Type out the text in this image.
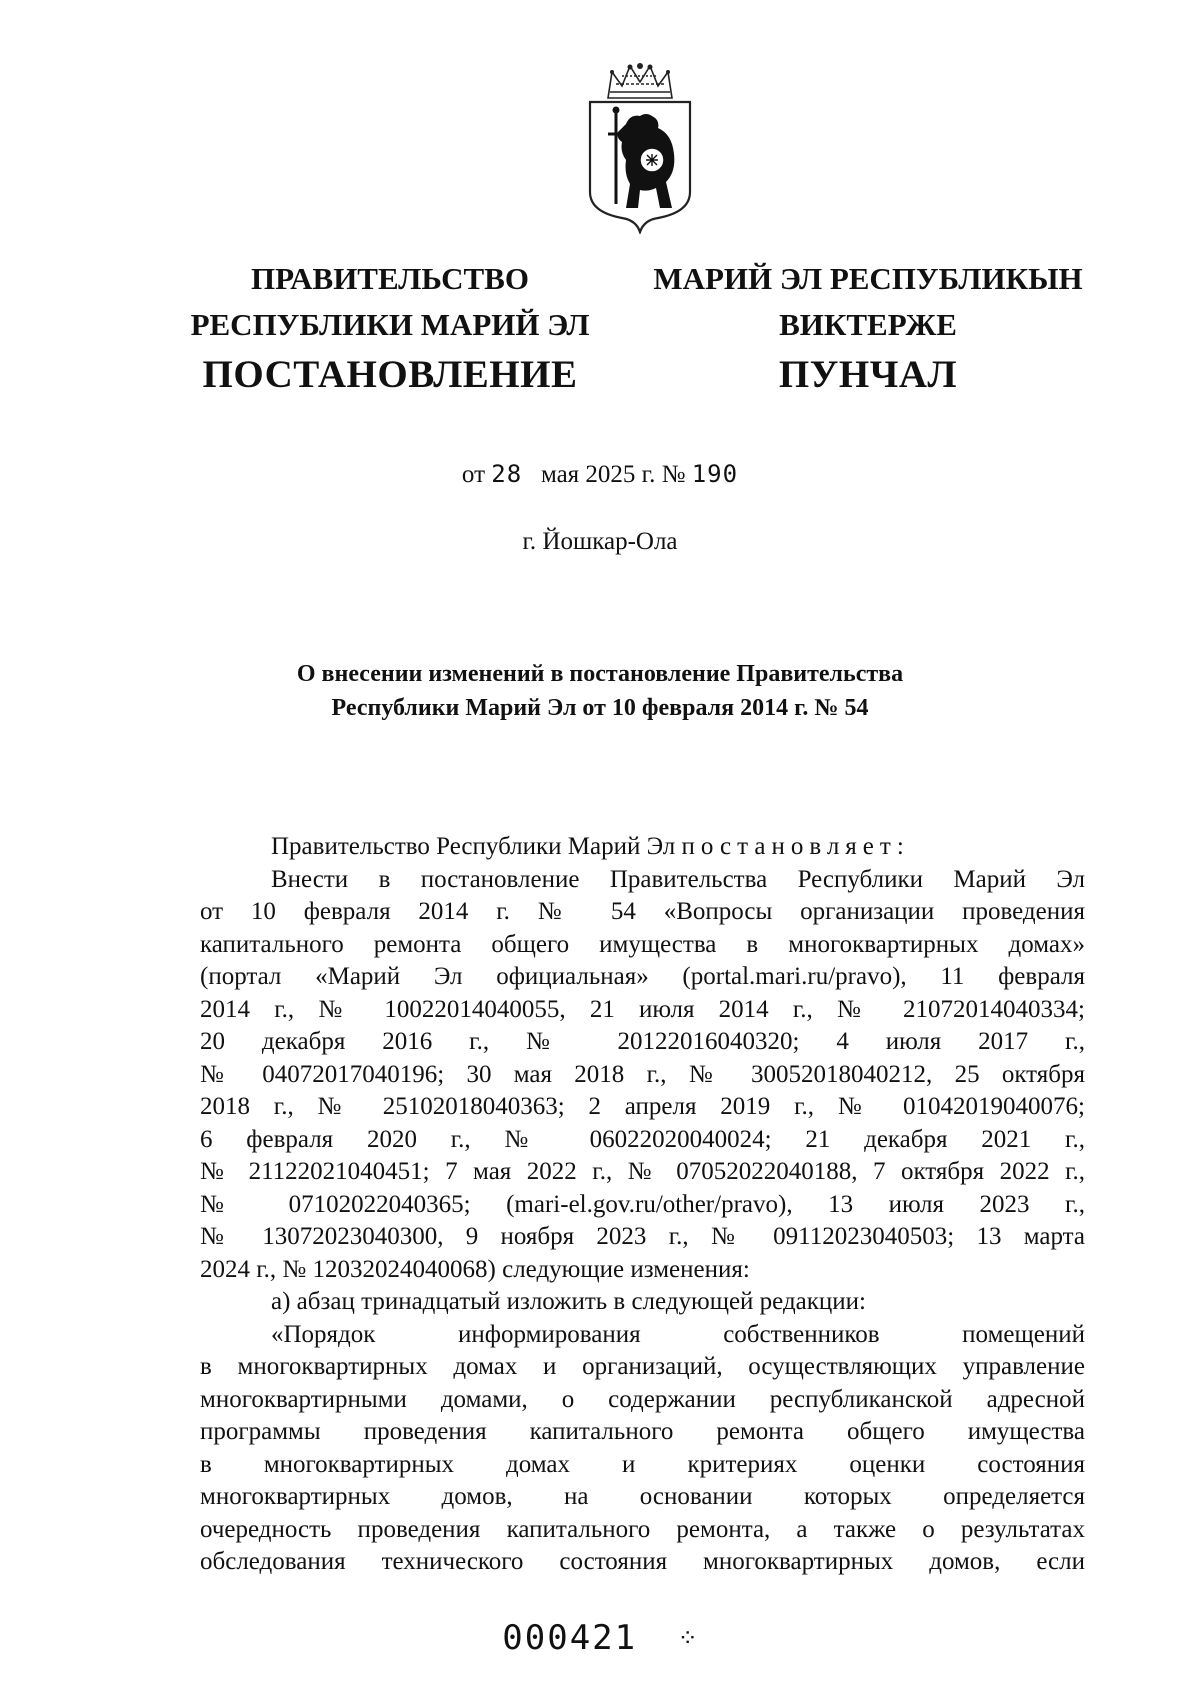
ПРАВИТЕЛЬСТВО
РЕСПУБЛИКИ МАРИЙ ЭЛ
ПОСТАНОВЛЕНИЕ
МАРИЙ ЭЛ РЕСПУБЛИКЫН
ВИКТЕРЖЕ
ПУНЧАЛ
от 28 мая 2025 г. № 190
г. Йошкар-Ола
О внесении изменений в постановление Правительства
Республики Марий Эл от 10 февраля 2014 г. № 54
Правительство Республики Марий Эл постановляет:
Внести в постановление Правительства Республики Марий Эл
от 10 февраля 2014 г. № 54 «Вопросы организации проведения
капитального ремонта общего имущества в многоквартирных домах»
(портал «Марий Эл официальная» (portal.mari.ru/pravo), 11 февраля
2014 г., № 10022014040055, 21 июля 2014 г., № 21072014040334;
20 декабря 2016 г., № 20122016040320; 4 июля 2017 г.,
№ 04072017040196; 30 мая 2018 г., № 30052018040212, 25 октября
2018 г., № 25102018040363; 2 апреля 2019 г., № 01042019040076;
6 февраля 2020 г., № 06022020040024; 21 декабря 2021 г.,
№ 21122021040451; 7 мая 2022 г., № 07052022040188, 7 октября 2022 г.,
№ 07102022040365; (mari-el.gov.ru/other/pravo), 13 июля 2023 г.,
№ 13072023040300, 9 ноября 2023 г., № 09112023040503; 13 марта
2024 г., № 12032024040068) следующие изменения:
а) абзац тринадцатый изложить в следующей редакции:
«Порядок информирования собственников помещений
в многоквартирных домах и организаций, осуществляющих управление
многоквартирными домами, о содержании республиканской адресной
программы проведения капитального ремонта общего имущества
в многоквартирных домах и критериях оценки состояния
многоквартирных домов, на основании которых определяется
очередность проведения капитального ремонта, а также о результатах
обследования технического состояния многоквартирных домов, если
000421 ⁘
